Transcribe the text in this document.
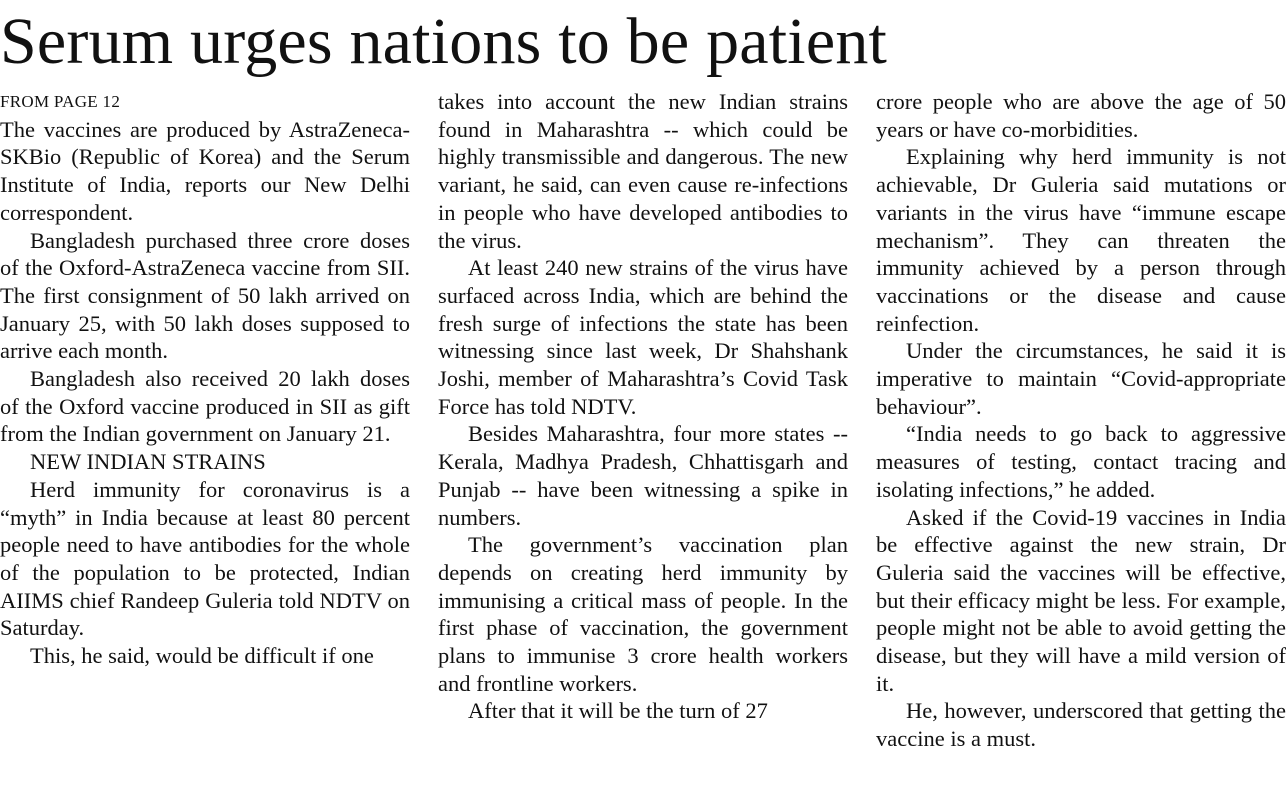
Serum urges nations to be patient
FROM PAGE 12

The vaccines are produced by AstraZeneca-SKBio (Republic of Korea) and the Serum Institute of India, reports our New Delhi correspondent.

Bangladesh purchased three crore doses of the Oxford-AstraZeneca vaccine from SII. The first consignment of 50 lakh arrived on January 25, with 50 lakh doses supposed to arrive each month.

Bangladesh also received 20 lakh doses of the Oxford vaccine produced in SII as gift from the Indian government on January 21.

NEW INDIAN STRAINS

Herd immunity for coronavirus is a “myth” in India because at least 80 percent people need to have antibodies for the whole of the population to be protected, Indian AIIMS chief Randeep Guleria told NDTV on Saturday.

This, he said, would be difficult if one

takes into account the new Indian strains found in Maharashtra -- which could be highly transmissible and dangerous. The new variant, he said, can even cause re-infections in people who have developed antibodies to the virus.

At least 240 new strains of the virus have surfaced across India, which are behind the fresh surge of infections the state has been witnessing since last week, Dr Shahshank Joshi, member of Maharashtra’s Covid Task Force has told NDTV.

Besides Maharashtra, four more states -- Kerala, Madhya Pradesh, Chhattisgarh and Punjab -- have been witnessing a spike in numbers.

The government’s vaccination plan depends on creating herd immunity by immunising a critical mass of people. In the first phase of vaccination, the government plans to immunise 3 crore health workers and frontline workers.

After that it will be the turn of 27

crore people who are above the age of 50 years or have co-morbidities.

Explaining why herd immunity is not achievable, Dr Guleria said mutations or variants in the virus have “immune escape mechanism”. They can threaten the immunity achieved by a person through vaccinations or the disease and cause reinfection.

Under the circumstances, he said it is imperative to maintain “Covid-appropriate behaviour”.

“India needs to go back to aggressive measures of testing, contact tracing and isolating infections,” he added.

Asked if the Covid-19 vaccines in India be effective against the new strain, Dr Guleria said the vaccines will be effective, but their efficacy might be less. For example, people might not be able to avoid getting the disease, but they will have a mild version of it.

He, however, underscored that getting the vaccine is a must.
